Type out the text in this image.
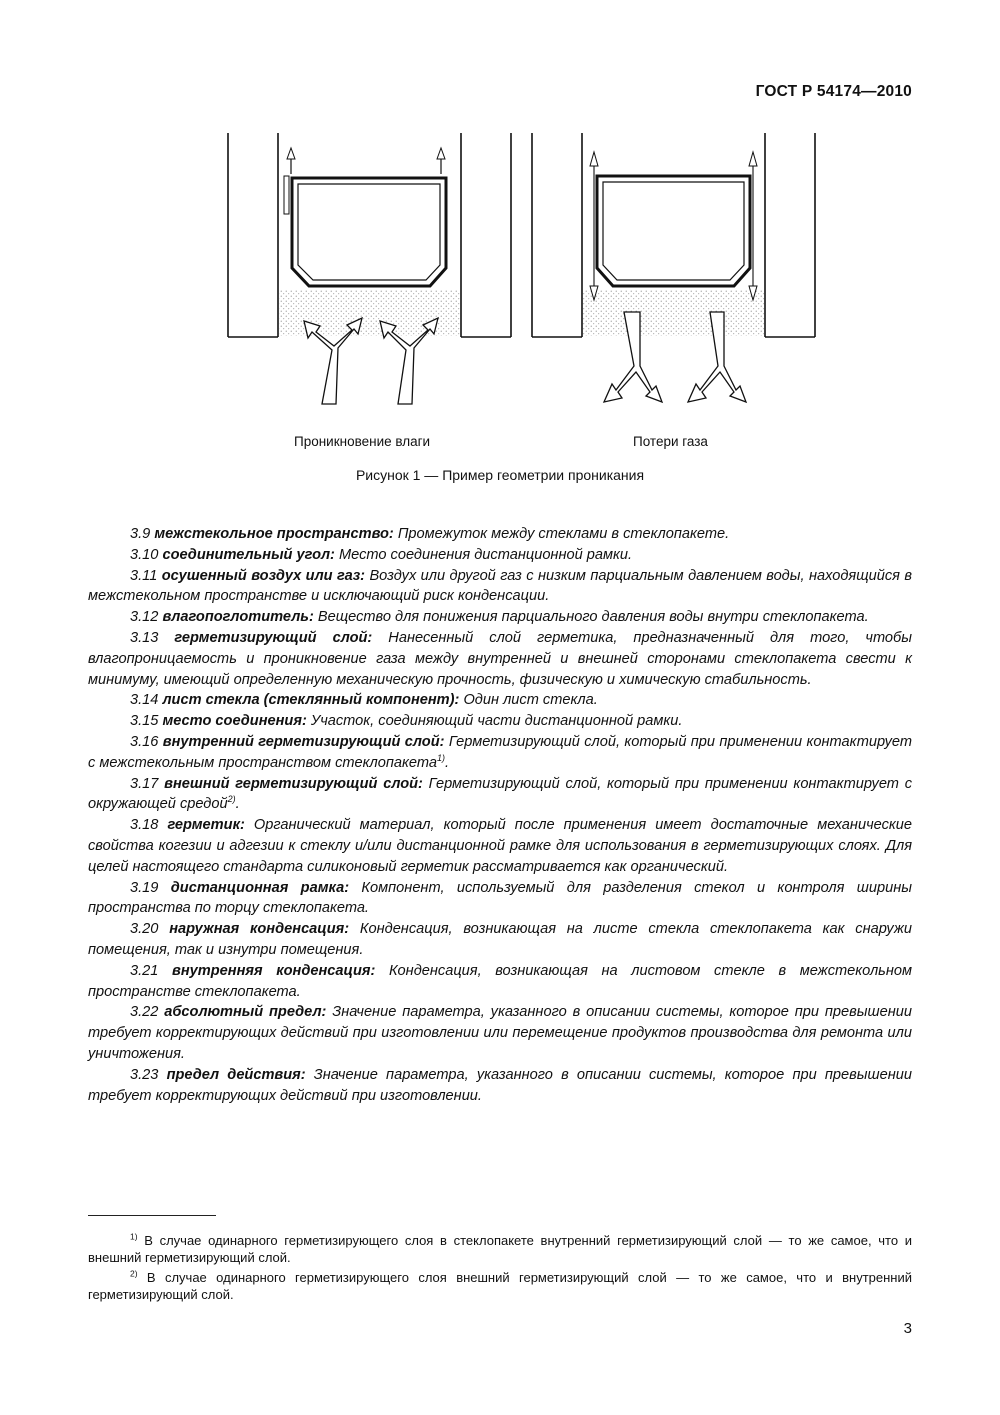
ГОСТ Р 54174—2010
Проникновение влаги	Потери газа
Рисунок 1 — Пример геометрии проникания

3.9 межстекольное пространство: Промежуток между стеклами в стеклопакете.

3.10 соединительный угол: Место соединения дистанционной рамки.

3.11 осушенный воздух или газ: Воздух или другой газ с низким парциальным давлением воды, находящийся в межстекольном пространстве и исключающий риск конденсации.

3.12 влагопоглотитель: Вещество для понижения парциального давления воды внутри стеклопакета.

3.13 герметизирующий слой: Нанесенный слой герметика, предназначенный для того, чтобы влагопроницаемость и проникновение газа между внутренней и внешней сторонами стеклопакета свести к минимуму, имеющий определенную механическую прочность, физическую и химическую стабильность.

3.14 лист стекла (стеклянный компонент): Один лист стекла.

3.15 место соединения: Участок, соединяющий части дистанционной рамки.

3.16 внутренний герметизирующий слой: Герметизирующий слой, который при применении контактирует с межстекольным пространством стеклопакета$^{1)}$.

3.17 внешний герметизирующий слой: Герметизирующий слой, который при применении контактирует с окружающей средой$^{2)}$.

3.18 герметик: Органический материал, который после применения имеет достаточные механические свойства когезии и адгезии к стеклу и/или дистанционной рамке для использования в герметизирующих слоях. Для целей настоящего стандарта силиконовый герметик рассматривается как органический.

3.19 дистанционная рамка: Компонент, используемый для разделения стекол и контроля ширины пространства по торцу стеклопакета.

3.20 наружная конденсация: Конденсация, возникающая на листе стекла стеклопакета как снаружи помещения, так и изнутри помещения.

3.21 внутренняя конденсация: Конденсация, возникающая на листовом стекле в межстекольном пространстве стеклопакета.

3.22 абсолютный предел: Значение параметра, указанного в описании системы, которое при превышении требует корректирующих действий при изготовлении или перемещение продуктов производства для ремонта или уничтожения.

3.23 предел действия: Значение параметра, указанного в описании системы, которое при превышении требует корректирующих действий при изготовлении.

$^{1)}$ В случае одинарного герметизирующего слоя в стеклопакете внутренний герметизирующий слой — то же самое, что и внешний герметизирующий слой.

$^{2)}$ В случае одинарного герметизирующего слоя внешний герметизирующий слой — то же самое, что и внутренний герметизирующий слой.

3
